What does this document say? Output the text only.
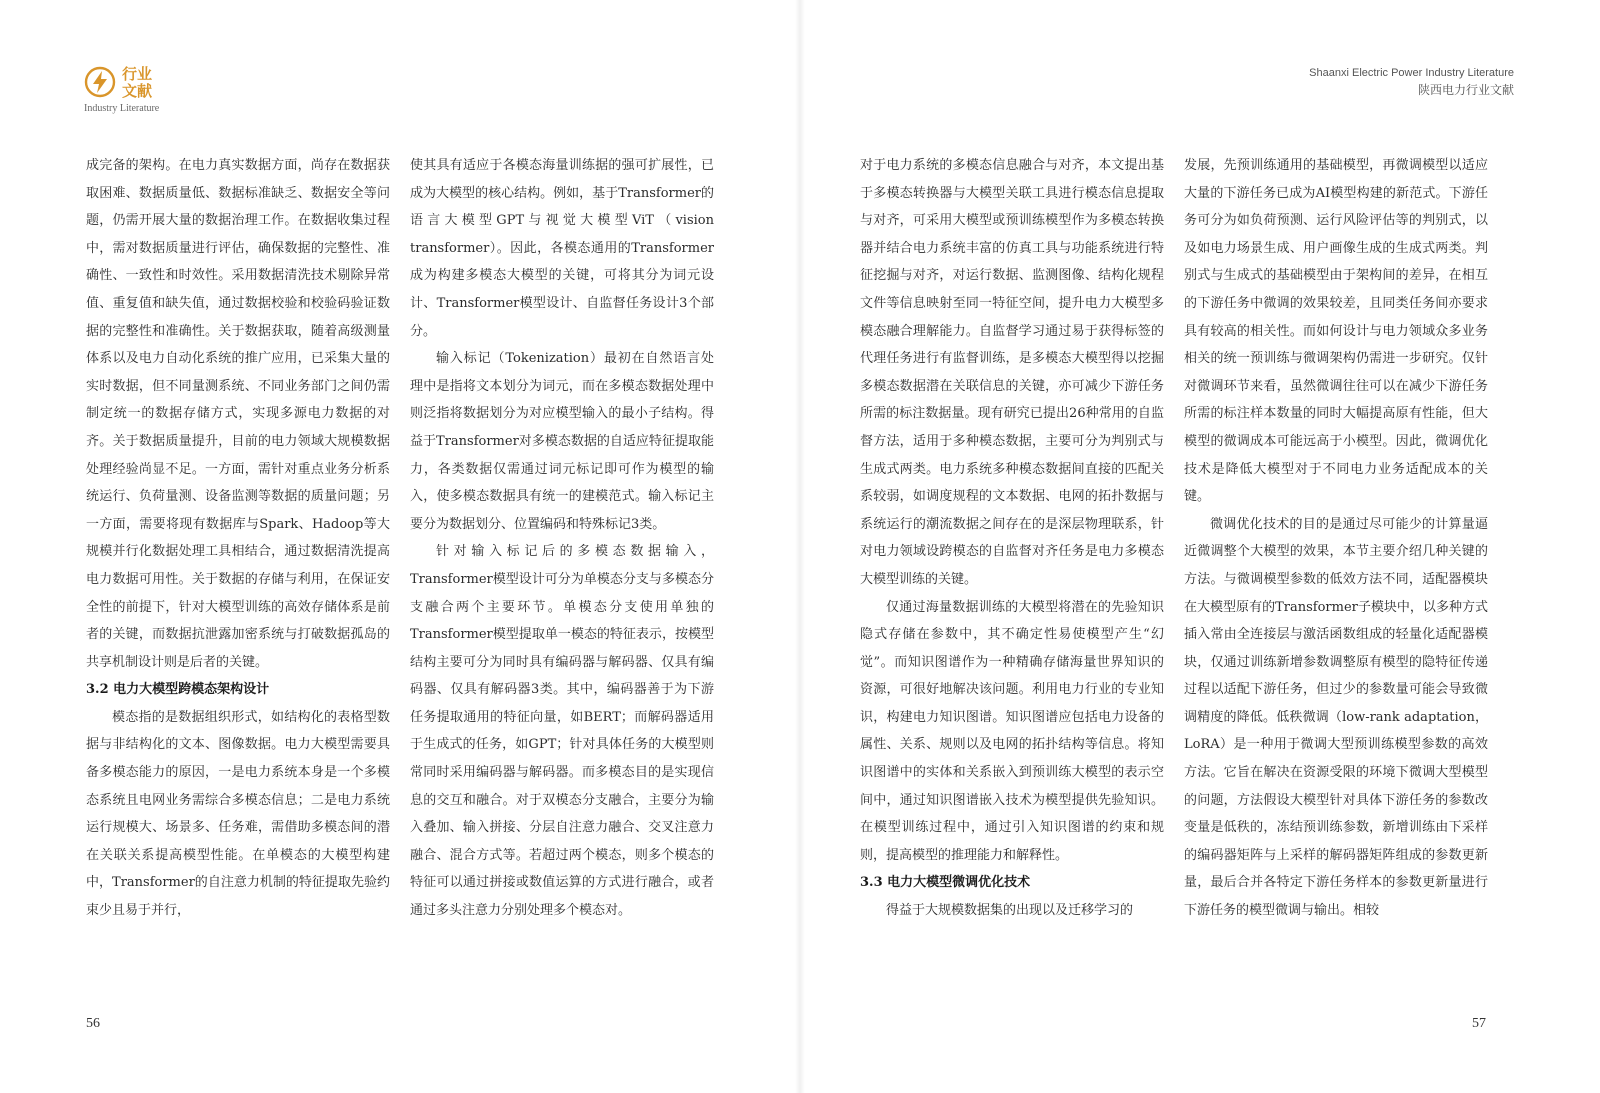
行业
文献
Industry Literature

成完备的架构。在电力真实数据方面，尚存在数据获取困难、数据质量低、数据标准缺乏、数据安全等问题，仍需开展大量的数据治理工作。在数据收集过程中，需对数据质量进行评估，确保数据的完整性、准确性、一致性和时效性。采用数据清洗技术剔除异常值、重复值和缺失值，通过数据校验和校验码验证数据的完整性和准确性。关于数据获取，随着高级测量体系以及电力自动化系统的推广应用，已采集大量的实时数据，但不同量测系统、不同业务部门之间仍需制定统一的数据存储方式，实现多源电力数据的对齐。关于数据质量提升，目前的电力领域大规模数据处理经验尚显不足。一方面，需针对重点业务分析系统运行、负荷量测、设备监测等数据的质量问题；另一方面，需要将现有数据库与Spark、Hadoop等大规模并行化数据处理工具相结合，通过数据清洗提高电力数据可用性。关于数据的存储与利用，在保证安全性的前提下，针对大模型训练的高效存储体系是前者的关键，而数据抗泄露加密系统与打破数据孤岛的共享机制设计则是后者的关键。

3.2 电力大模型跨模态架构设计

模态指的是数据组织形式，如结构化的表格型数据与非结构化的文本、图像数据。电力大模型需要具备多模态能力的原因，一是电力系统本身是一个多模态系统且电网业务需综合多模态信息；二是电力系统运行规模大、场景多、任务难，需借助多模态间的潜在关联关系提高模型性能。在单模态的大模型构建中，Transformer的自注意力机制的特征提取先验约束少且易于并行，

使其具有适应于各模态海量训练据的强可扩展性，已成为大模型的核心结构。例如，基于Transformer的语言大模型GPT与视觉大模型ViT（vision transformer）。因此，各模态通用的Transformer成为构建多模态大模型的关键，可将其分为词元设计、Transformer模型设计、自监督任务设计3个部分。

输入标记（Tokenization）最初在自然语言处理中是指将文本划分为词元，而在多模态数据处理中则泛指将数据划分为对应模型输入的最小子结构。得益于Transformer对多模态数据的自适应特征提取能力，各类数据仅需通过词元标记即可作为模型的输入，使多模态数据具有统一的建模范式。输入标记主要分为数据划分、位置编码和特殊标记3类。

针对输入标记后的多模态数据输入，Transformer模型设计可分为单模态分支与多模态分支融合两个主要环节。单模态分支使用单独的Transformer模型提取单一模态的特征表示，按模型结构主要可分为同时具有编码器与解码器、仅具有编码器、仅具有解码器3类。其中，编码器善于为下游任务提取通用的特征向量，如BERT；而解码器适用于生成式的任务，如GPT；针对具体任务的大模型则常同时采用编码器与解码器。而多模态目的是实现信息的交互和融合。对于双模态分支融合，主要分为输入叠加、输入拼接、分层自注意力融合、交叉注意力融合、混合方式等。若超过两个模态，则多个模态的特征可以通过拼接或数值运算的方式进行融合，或者通过多头注意力分别处理多个模态对。

56
Shaanxi Electric Power Industry Literature
陕西电力行业文献

对于电力系统的多模态信息融合与对齐，本文提出基于多模态转换器与大模型关联工具进行模态信息提取与对齐，可采用大模型或预训练模型作为多模态转换器并结合电力系统丰富的仿真工具与功能系统进行特征挖掘与对齐，对运行数据、监测图像、结构化规程文件等信息映射至同一特征空间，提升电力大模型多模态融合理解能力。自监督学习通过易于获得标签的代理任务进行有监督训练，是多模态大模型得以挖掘多模态数据潜在关联信息的关键，亦可减少下游任务所需的标注数据量。现有研究已提出26种常用的自监督方法，适用于多种模态数据，主要可分为判别式与生成式两类。电力系统多种模态数据间直接的匹配关系较弱，如调度规程的文本数据、电网的拓扑数据与系统运行的潮流数据之间存在的是深层物理联系，针对电力领域设跨模态的自监督对齐任务是电力多模态大模型训练的关键。

仅通过海量数据训练的大模型将潜在的先验知识隐式存储在参数中，其不确定性易使模型产生“幻觉”。而知识图谱作为一种精确存储海量世界知识的资源，可很好地解决该问题。利用电力行业的专业知识，构建电力知识图谱。知识图谱应包括电力设备的属性、关系、规则以及电网的拓扑结构等信息。将知识图谱中的实体和关系嵌入到预训练大模型的表示空间中，通过知识图谱嵌入技术为模型提供先验知识。在模型训练过程中，通过引入知识图谱的约束和规则，提高模型的推理能力和解释性。

3.3 电力大模型微调优化技术

得益于大规模数据集的出现以及迁移学习的

发展，先预训练通用的基础模型，再微调模型以适应大量的下游任务已成为AI模型构建的新范式。下游任务可分为如负荷预测、运行风险评估等的判别式，以及如电力场景生成、用户画像生成的生成式两类。判别式与生成式的基础模型由于架构间的差异，在相互的下游任务中微调的效果较差，且同类任务间亦要求具有较高的相关性。而如何设计与电力领域众多业务相关的统一预训练与微调架构仍需进一步研究。仅针对微调环节来看，虽然微调往往可以在减少下游任务所需的标注样本数量的同时大幅提高原有性能，但大模型的微调成本可能远高于小模型。因此，微调优化技术是降低大模型对于不同电力业务适配成本的关键。

微调优化技术的目的是通过尽可能少的计算量逼近微调整个大模型的效果，本节主要介绍几种关键的方法。与微调模型参数的低效方法不同，适配器模块在大模型原有的Transformer子模块中，以多种方式插入常由全连接层与激活函数组成的轻量化适配器模块，仅通过训练新增参数调整原有模型的隐特征传递过程以适配下游任务，但过少的参数量可能会导致微调精度的降低。低秩微调（low-rank adaptation，LoRA）是一种用于微调大型预训练模型参数的高效方法。它旨在解决在资源受限的环境下微调大型模型的问题，方法假设大模型针对具体下游任务的参数改变量是低秩的，冻结预训练参数，新增训练由下采样的编码器矩阵与上采样的解码器矩阵组成的参数更新量，最后合并各特定下游任务样本的参数更新量进行下游任务的模型微调与输出。相较

57
